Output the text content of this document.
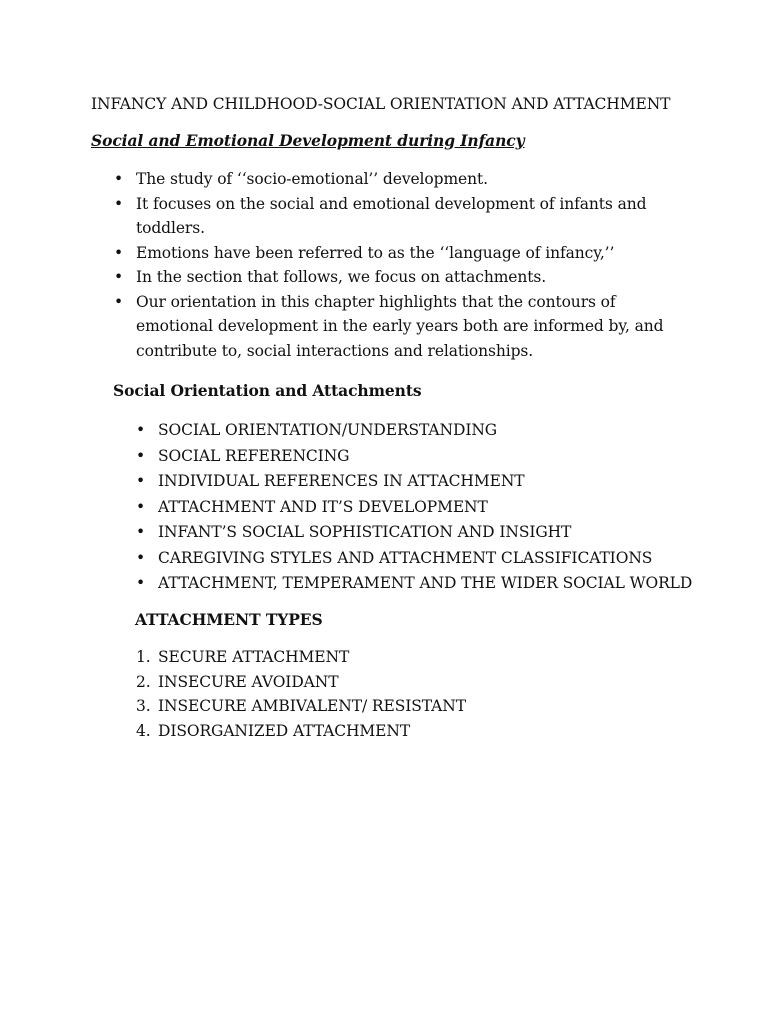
INFANCY AND CHILDHOOD-SOCIAL ORIENTATION AND ATTACHMENT
Social and Emotional Development during Infancy
• The study of ‘‘socio-emotional’’ development.
• It focuses on the social and emotional development of infants and toddlers.
• Emotions have been referred to as the ‘‘language of infancy,’’
• In the section that follows, we focus on attachments.
• Our orientation in this chapter highlights that the contours of emotional development in the early years both are informed by, and contribute to, social interactions and relationships.
Social Orientation and Attachments
• SOCIAL ORIENTATION/UNDERSTANDING
• SOCIAL REFERENCING
• INDIVIDUAL REFERENCES IN ATTACHMENT
• ATTACHMENT AND IT’S DEVELOPMENT
• INFANT’S SOCIAL SOPHISTICATION AND INSIGHT
• CAREGIVING STYLES AND ATTACHMENT CLASSIFICATIONS
• ATTACHMENT, TEMPERAMENT AND THE WIDER SOCIAL WORLD
ATTACHMENT TYPES
1. SECURE ATTACHMENT
2. INSECURE AVOIDANT
3. INSECURE AMBIVALENT/ RESISTANT
4. DISORGANIZED ATTACHMENT
